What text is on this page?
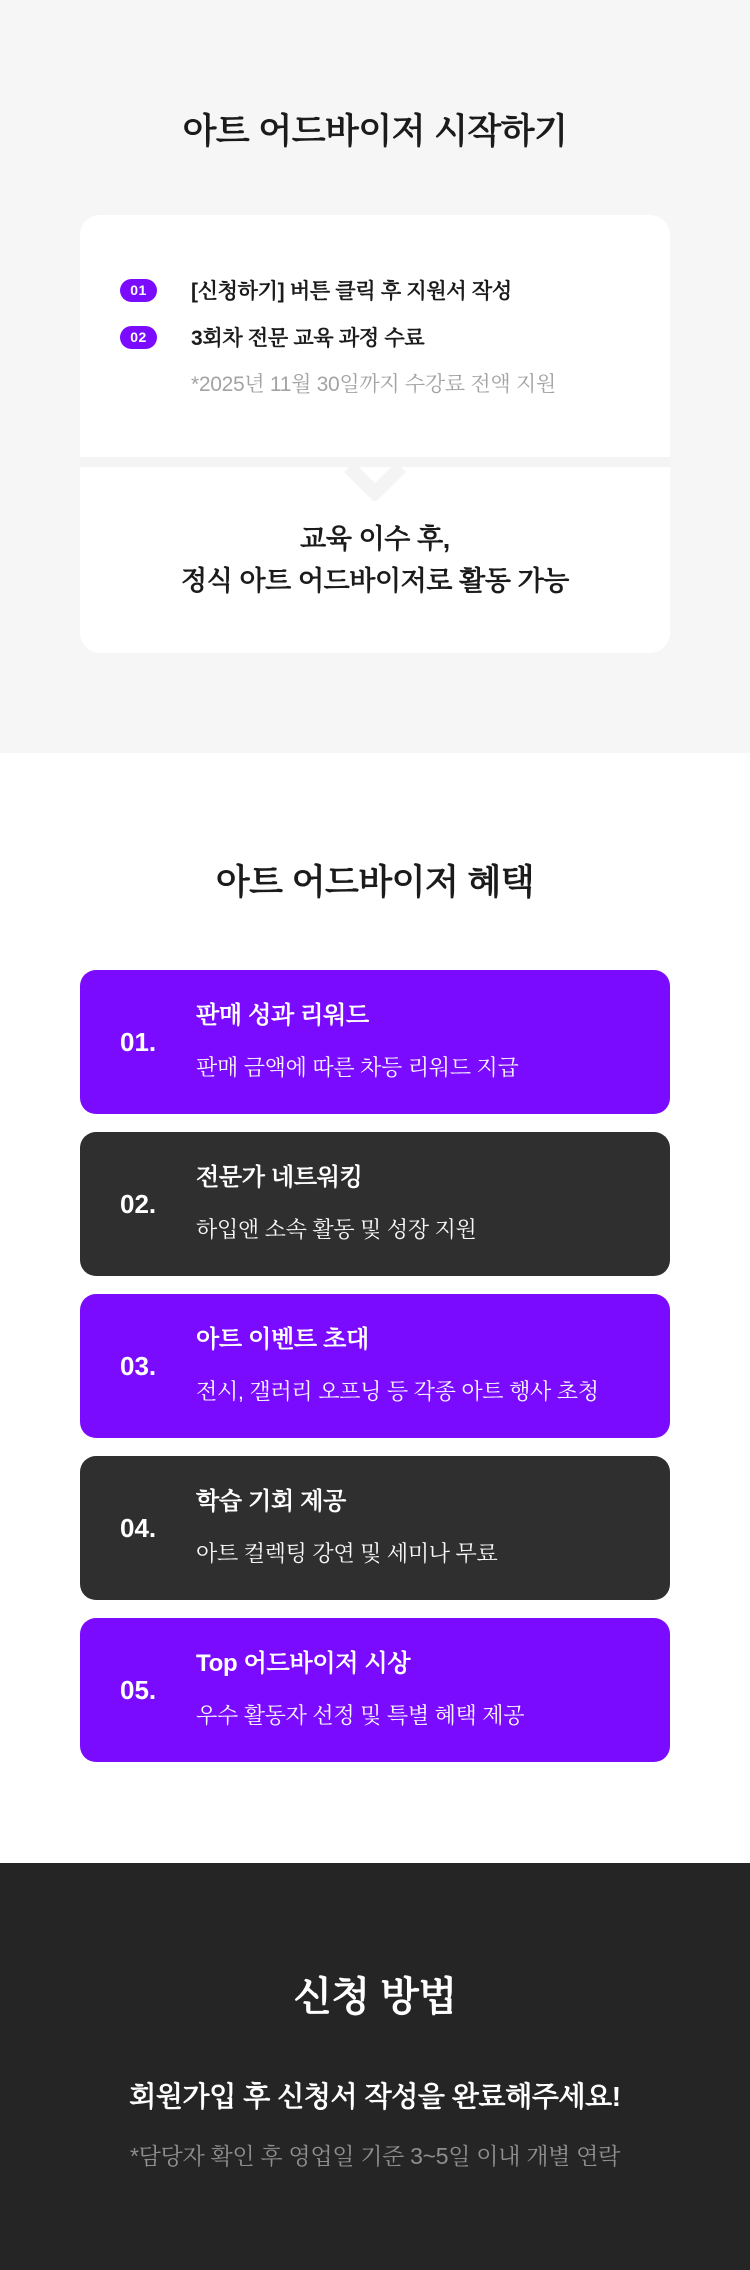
아트 어드바이저 시작하기
01	[신청하기] 버튼 클릭 후 지원서 작성
02	3회차 전문 교육 과정 수료
*2025년 11월 30일까지 수강료 전액 지원
교육 이수 후,
정식 아트 어드바이저로 활동 가능
아트 어드바이저 혜택
01.
판매 성과 리워드
판매 금액에 따른 차등 리워드 지급
02.
전문가 네트워킹
하입앤 소속 활동 및 성장 지원
03.
아트 이벤트 초대
전시, 갤러리 오프닝 등 각종 아트 행사 초청
04.
학습 기회 제공
아트 컬렉팅 강연 및 세미나 무료
05.
Top 어드바이저 시상
우수 활동자 선정 및 특별 혜택 제공
신청 방법

회원가입 후 신청서 작성을 완료해주세요!

*담당자 확인 후 영업일 기준 3~5일 이내 개별 연락
